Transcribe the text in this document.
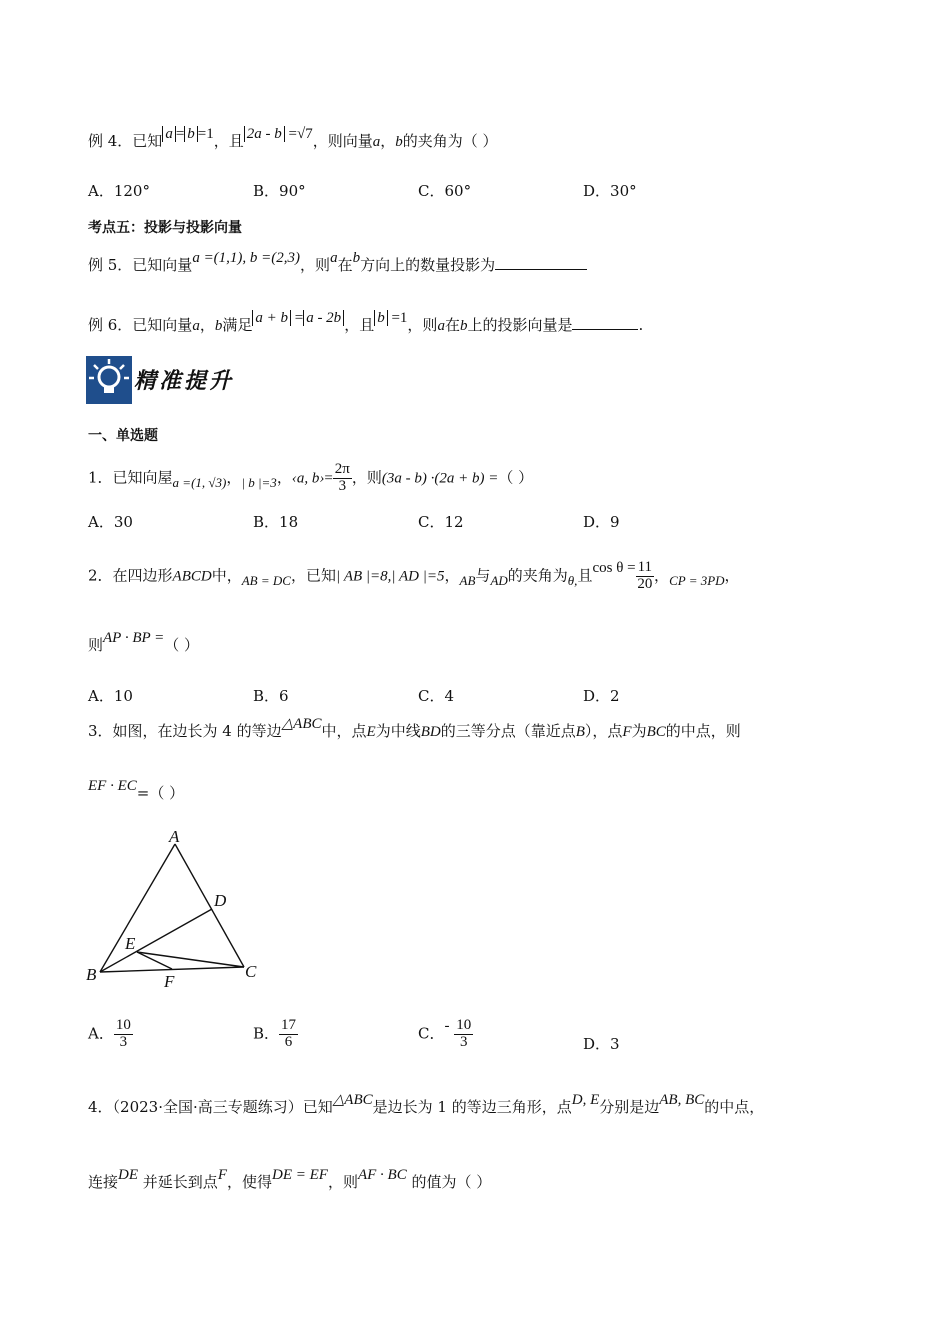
例 4．已知 a = b =1，且 2a - b =√7，则向量a，b的夹角为（ ）
A．120°	B．90°	C．60°	D．30°
考点五：投影与投影向量
例 5．已知向量a =(1,1), b =(2,3)，则a在b方向上的数量投影为
例 6．已知向量a，b满足 a + b = a - 2b ，且 b =1，则a在b上的投影向量是	.
精准提升
一、单选题
1．已知向屋a =(1, √3)，| b |=3，‹a, b›= $\frac{2\pi}{3}$ ，则(3a - b) ·(2a + b) =（ ）
A．30	B．18	C．12	D．9
2．在四边形ABCD中，AB = DC，已知| AB |=8,| AD |=5，AB与AD的夹角为θ,且$\cos \theta = \frac{11}{20}$ ，CP = 3PD，
则AP · BP =（ ）
A．10	B．6	C．4	D．2
3．如图，在边长为 4 的等边△ABC中，点E为中线BD的三等分点（靠近点B），点F为BC的中点，则
EF · EC=（ ）
A
B	C
D
E
F
A． $\frac{10}{3}$	B． $\frac{17}{6}$	C．- $\frac{10}{3}$	D．3
4．（2023·全国·高三专题练习）已知△ABC是边长为 1 的等边三角形，点D, E分别是边AB, BC的中点，
连接DE 并延长到点F，使得DE = EF，则AF · BC 的值为（ ）
